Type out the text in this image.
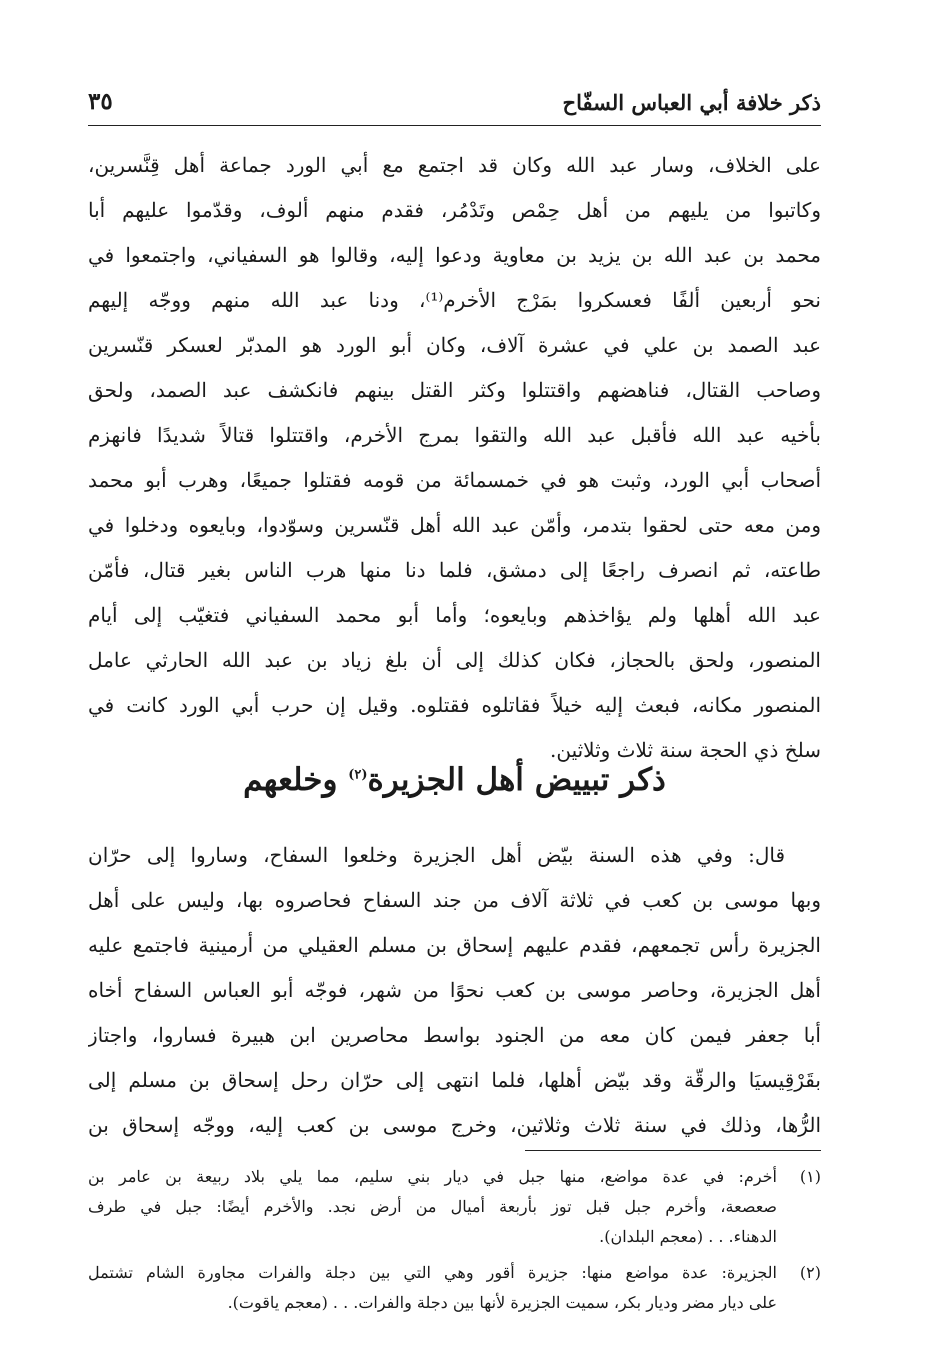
ذكر خلافة أبي العباس السفّاح
٣٥
على الخلاف، وسار عبد الله وكان قد اجتمع مع أبي الورد جماعة أهل قِنَّسرين،
وكاتبوا من يليهم من أهل حِمْص وتَدْمُر، فقدم منهم ألوف، وقدّموا عليهم أبا
محمد بن عبد الله بن يزيد بن معاوية ودعوا إليه، وقالوا هو السفياني، واجتمعوا في
نحو أربعين ألفًا فعسكروا بمَرْج الأخرم⁽¹⁾، ودنا عبد الله منهم ووجّه إليهم
عبد الصمد بن علي في عشرة آلاف، وكان أبو الورد هو المدبّر لعسكر قنّسرين
وصاحب القتال، فناهضهم واقتتلوا وكثر القتل بينهم فانكشف عبد الصمد، ولحق
بأخيه عبد الله فأقبل عبد الله والتقوا بمرج الأخرم، واقتتلوا قتالاً شديدًا فانهزم
أصحاب أبي الورد، وثبت هو في خمسمائة من قومه فقتلوا جميعًا، وهرب أبو محمد
ومن معه حتى لحقوا بتدمر، وأمّن عبد الله أهل قنّسرين وسوّدوا، وبايعوه ودخلوا في
طاعته، ثم انصرف راجعًا إلى دمشق، فلما دنا منها هرب الناس بغير قتال، فأمّن
عبد الله أهلها ولم يؤاخذهم وبايعوه؛ وأما أبو محمد السفياني فتغيّب إلى أيام
المنصور، ولحق بالحجاز، فكان كذلك إلى أن بلغ زياد بن عبد الله الحارثي عامل
المنصور مكانه، فبعث إليه خيلاً فقاتلوه فقتلوه. وقيل إن حرب أبي الورد كانت في
سلخ ذي الحجة سنة ثلاث وثلاثين.
ذكر تبييض أهل الجزيرة$^{(٢)}$ وخلعهم
قال: وفي هذه السنة بيّض أهل الجزيرة وخلعوا السفاح، وساروا إلى حرّان
وبها موسى بن كعب في ثلاثة آلاف من جند السفاح فحاصروه بها، وليس على أهل
الجزيرة رأس تجمعهم، فقدم عليهم إسحاق بن مسلم العقيلي من أرمينية فاجتمع عليه
أهل الجزيرة، وحاصر موسى بن كعب نحوًا من شهر، فوجّه أبو العباس السفاح أخاه
أبا جعفر فيمن كان معه من الجنود بواسط محاصرين ابن هبيرة فساروا، واجتاز
بقَرْقِيسيَا والرقّة وقد بيّض أهلها، فلما انتهى إلى حرّان رحل إسحاق بن مسلم إلى
الرُّها، وذلك في سنة ثلاث وثلاثين، وخرج موسى بن كعب إليه، ووجّه إسحاق بن
(١)
أخرم: في عدة مواضع، منها جبل في ديار بني سليم، مما يلي بلاد ربيعة بن عامر بن
صعصعة، وأخرم جبل قبل توز بأربعة أميال من أرض نجد. والأخرم أيضًا: جبل في طرف
الدهناء. . . (معجم البلدان).
(٢)
الجزيرة: عدة مواضع منها: جزيرة أقور وهي التي بين دجلة والفرات مجاورة الشام تشتمل
على ديار مضر وديار بكر، سميت الجزيرة لأنها بين دجلة والفرات. . . (معجم ياقوت).
